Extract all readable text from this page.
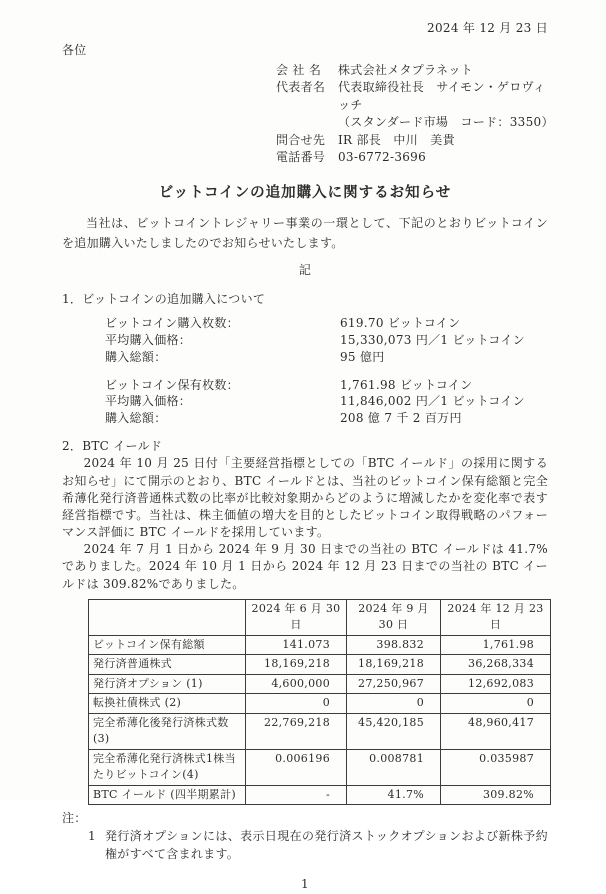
2024 年 12 月 23 日
各位
会 社 名	株式会社メタプラネット
代表者名	代表取締役社長　サイモン・ゲロヴィッチ
（スタンダード市場　コード：3350）
問合せ先	IR 部長　中川　美貴
電話番号	03-6772-3696
ビットコインの追加購入に関するお知らせ
当社は、ビットコイントレジャリー事業の一環として、下記のとおりビットコインを追加購入いたしましたのでお知らせいたします。
記
1．ビットコインの追加購入について
ビットコイン購入枚数：	619.70 ビットコイン
平均購入価格：	15,330,073 円／1 ビットコイン
購入総額：	95 億円
ビットコイン保有枚数：	1,761.98 ビットコイン
平均購入価格：	11,846,002 円／1 ビットコイン
購入総額：	208 億 7 千 2 百万円
2．BTC イールド
2024 年 10 月 25 日付「主要経営指標としての「BTC イールド」の採用に関するお知らせ」にて開示のとおり、BTC イールドとは、当社のビットコイン保有総額と完全希薄化発行済普通株式数の比率が比較対象期からどのように増減したかを変化率で表す経営指標です。当社は、株主価値の増大を目的としたビットコイン取得戦略のパフォーマンス評価に BTC イールドを採用しています。
2024 年 7 月 1 日から 2024 年 9 月 30 日までの当社の BTC イールドは 41.7%でありました。2024 年 10 月 1 日から 2024 年 12 月 23 日までの当社の BTC イールドは 309.82%でありました。
	2024 年 6 月 30 日	2024 年 9 月 30 日	2024 年 12 月 23 日
ビットコイン保有総額	141.073	398.832	1,761.98
発行済普通株式	18,169,218	18,169,218	36,268,334
発行済オプション (1)	4,600,000	27,250,967	12,692,083
転換社債株式 (2)	0	0	0
完全希薄化後発行済株式数(3)	22,769,218	45,420,185	48,960,417
完全希薄化発行済株式1株当たりビットコイン(4)	0.006196	0.008781	0.035987
BTC イールド (四半期累計)	-	41.7%	309.82%
注：
1 発行済オプションには、表示日現在の発行済ストックオプションおよび新株予約権がすべて含まれます。
1
